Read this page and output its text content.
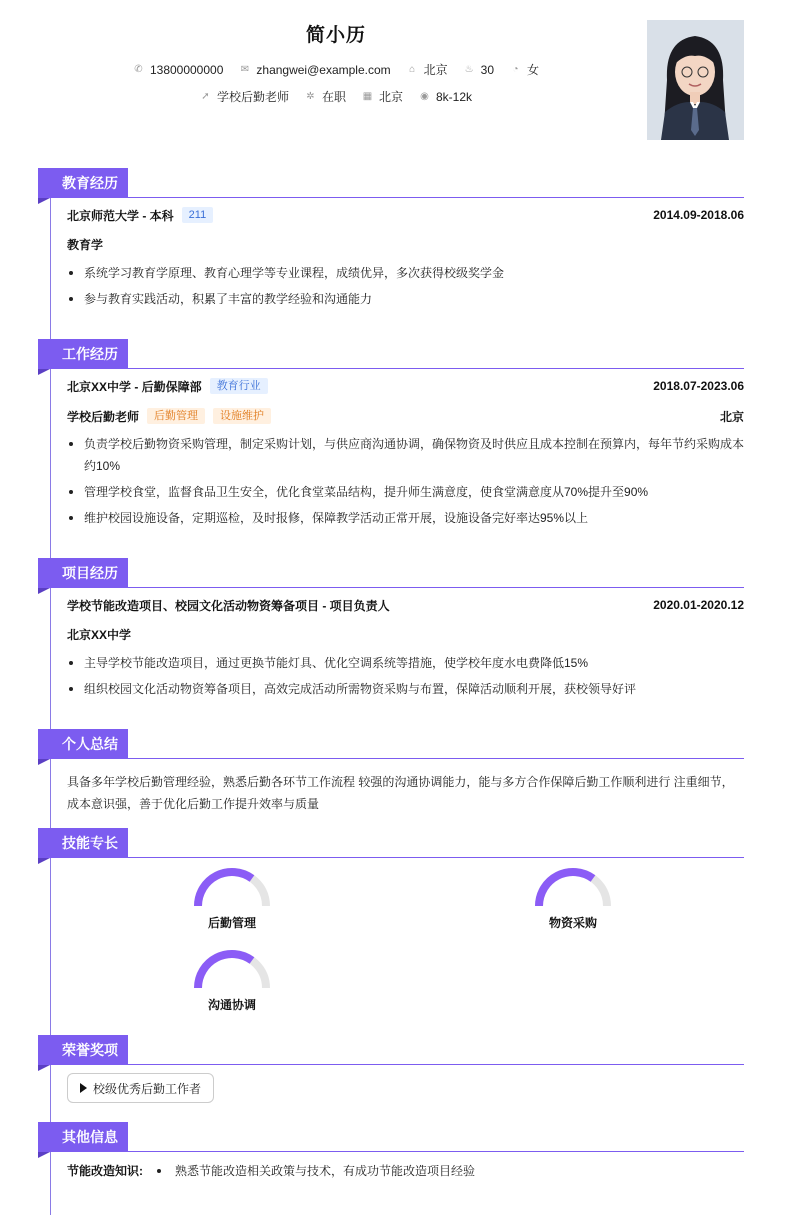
简小历
✆ 13800000000 ✉ zhangwei@example.com ⌂ 北京 ♨ 30 ◔ 女
➚ 学校后勤老师 ✲ 在职 ▦ 北京 ◉ 8k-12k
教育经历
北京师范大学 - 本科	211	2014.09-2018.06
教育学
系统学习教育学原理、教育心理学等专业课程，成绩优异，多次获得校级奖学金
参与教育实践活动，积累了丰富的教学经验和沟通能力
工作经历
北京XX中学 - 后勤保障部	教育行业	2018.07-2023.06
学校后勤老师	后勤管理	设施维护	北京
负责学校后勤物资采购管理，制定采购计划，与供应商沟通协调，确保物资及时供应且成本控制在预算内，每年节约采购成本约10%
管理学校食堂，监督食品卫生安全，优化食堂菜品结构，提升师生满意度，使食堂满意度从70%提升至90%
维护校园设施设备，定期巡检，及时报修，保障教学活动正常开展，设施设备完好率达95%以上
项目经历
学校节能改造项目、校园文化活动物资筹备项目 - 项目负责人	2020.01-2020.12
北京XX中学
主导学校节能改造项目，通过更换节能灯具、优化空调系统等措施，使学校年度水电费降低15%
组织校园文化活动物资筹备项目，高效完成活动所需物资采购与布置，保障活动顺利开展，获校领导好评
个人总结
具备多年学校后勤管理经验，熟悉后勤各环节工作流程 较强的沟通协调能力，能与多方合作保障后勤工作顺利进行 注重细节，成本意识强，善于优化后勤工作提升效率与质量
技能专长
后勤管理	物资采购
沟通协调
荣誉奖项
校级优秀后勤工作者
其他信息
节能改造知识:	熟悉节能改造相关政策与技术，有成功节能改造项目经验
